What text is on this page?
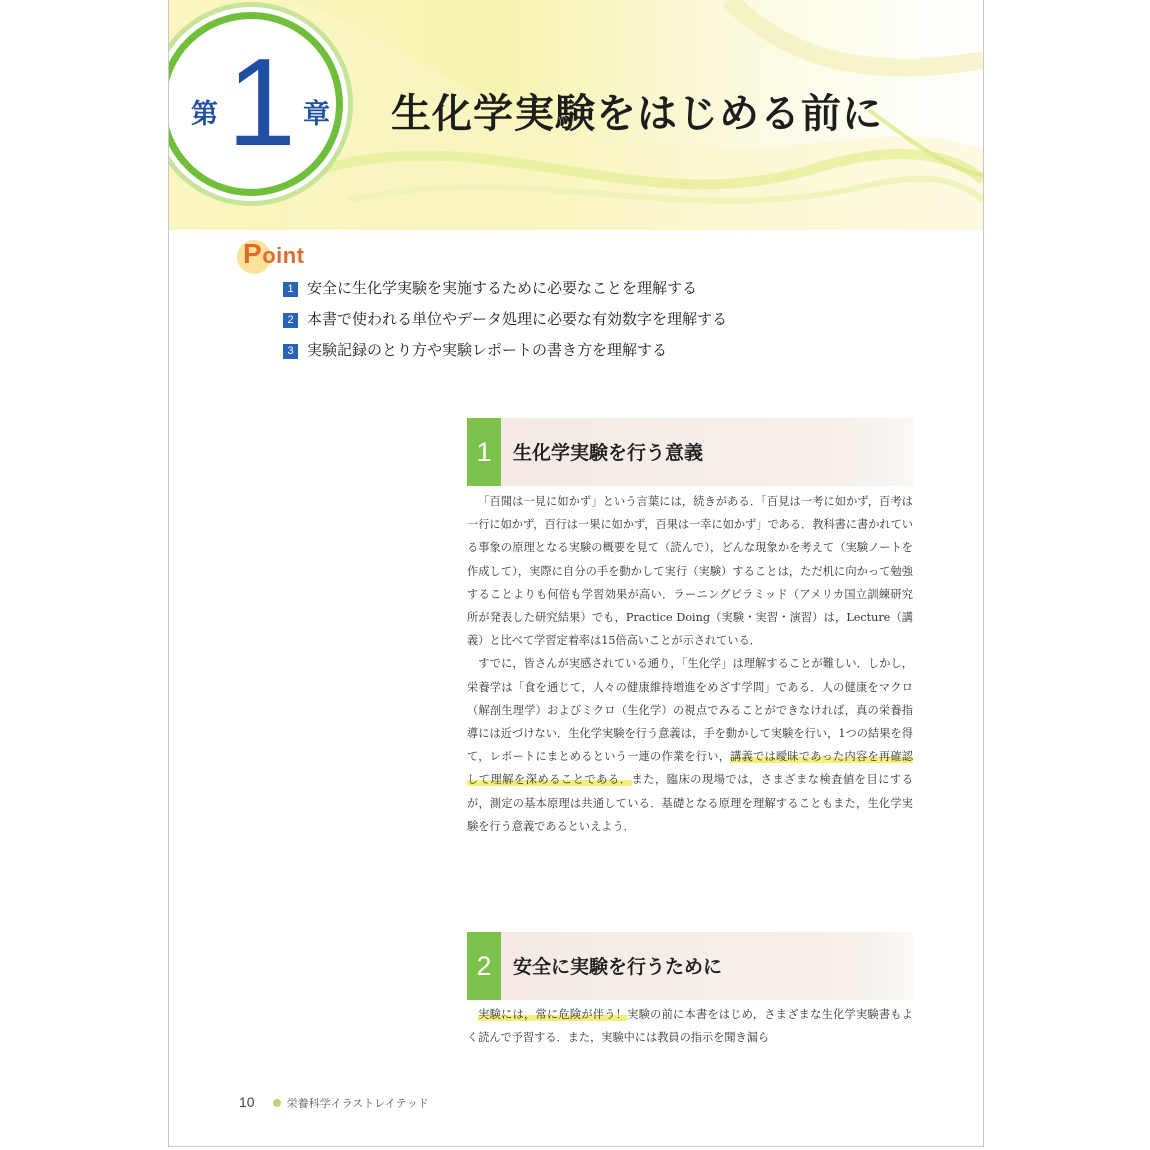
第 1 章 生化学実験をはじめる前に
Point
1 安全に生化学実験を実施するために必要なことを理解する
2 本書で使われる単位やデータ処理に必要な有効数字を理解する
3 実験記録のとり方や実験レポートの書き方を理解する
1	生化学実験を行う意義

「百聞は一見に如かず」という言葉には，続きがある．「百見は一考に如かず，百考は一行に如かず，百行は一果に如かず，百果は一幸に如かず」である．教科書に書かれている事象の原理となる実験の概要を見て（読んで），どんな現象かを考えて（実験ノートを作成して），実際に自分の手を動かして実行（実験）することは，ただ机に向かって勉強することよりも何倍も学習効果が高い．ラーニングピラミッド（アメリカ国立訓練研究所が発表した研究結果）でも，Practice Doing（実験・実習・演習）は，Lecture（講義）と比べて学習定着率は15倍高いことが示されている．

すでに，皆さんが実感されている通り，「生化学」は理解することが難しい．しかし，栄養学は「食を通じて，人々の健康維持増進をめざす学問」である．人の健康をマクロ（解剖生理学）およびミクロ（生化学）の視点でみることができなければ，真の栄養指導には近づけない．生化学実験を行う意義は，手を動かして実験を行い，1つの結果を得て，レポートにまとめるという一連の作業を行い，講義では曖昧であった内容を再確認して理解を深めることである．また，臨床の現場では，さまざまな検査値を目にするが，測定の基本原理は共通している．基礎となる原理を理解することもまた，生化学実験を行う意義であるといえよう．

2	安全に実験を行うために

実験には，常に危険が伴う！実験の前に本書をはじめ，さまざまな生化学実験書もよく読んで予習する．また，実験中には教員の指示を聞き漏ら

10	栄養科学イラストレイテッド
